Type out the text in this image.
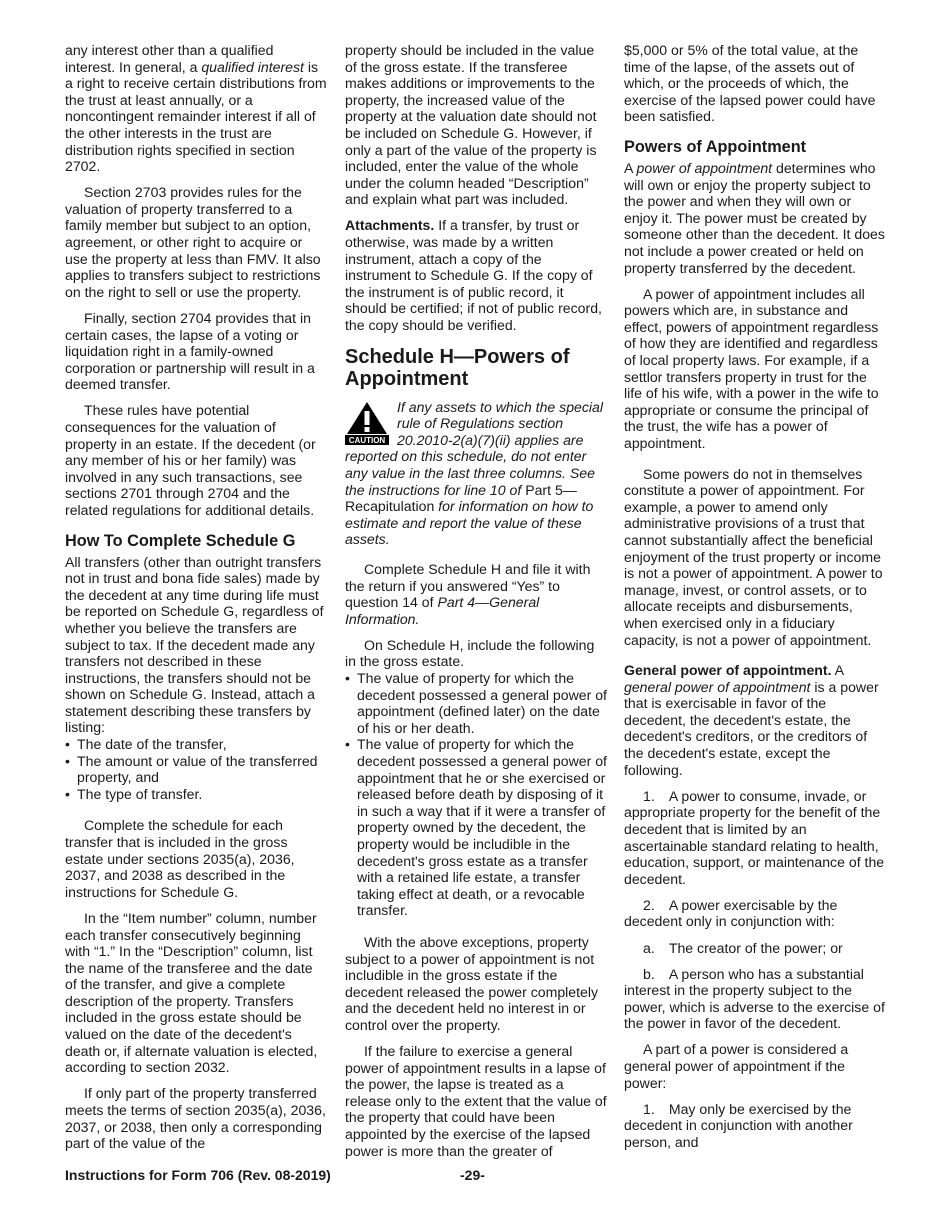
any interest other than a qualified interest. In general, a qualified interest is a right to receive certain distributions from the trust at least annually, or a noncontingent remainder interest if all of the other interests in the trust are distribution rights specified in section 2702.

Section 2703 provides rules for the valuation of property transferred to a family member but subject to an option, agreement, or other right to acquire or use the property at less than FMV. It also applies to transfers subject to restrictions on the right to sell or use the property.

Finally, section 2704 provides that in certain cases, the lapse of a voting or liquidation right in a family-owned corporation or partnership will result in a deemed transfer.

These rules have potential consequences for the valuation of property in an estate. If the decedent (or any member of his or her family) was involved in any such transactions, see sections 2701 through 2704 and the related regulations for additional details.

How To Complete Schedule G

All transfers (other than outright transfers not in trust and bona fide sales) made by the decedent at any time during life must be reported on Schedule G, regardless of whether you believe the transfers are subject to tax. If the decedent made any transfers not described in these instructions, the transfers should not be shown on Schedule G. Instead, attach a statement describing these transfers by listing:

• The date of the transfer,

• The amount or value of the transferred property, and

• The type of transfer.

Complete the schedule for each transfer that is included in the gross estate under sections 2035(a), 2036, 2037, and 2038 as described in the instructions for Schedule G.

In the “Item number” column, number each transfer consecutively beginning with “1.” In the “Description” column, list the name of the transferee and the date of the transfer, and give a complete description of the property. Transfers included in the gross estate should be valued on the date of the decedent's death or, if alternate valuation is elected, according to section 2032.

If only part of the property transferred meets the terms of section 2035(a), 2036, 2037, or 2038, then only a corresponding part of the value of the

property should be included in the value of the gross estate. If the transferee makes additions or improvements to the property, the increased value of the property at the valuation date should not be included on Schedule G. However, if only a part of the value of the property is included, enter the value of the whole under the column headed “Description” and explain what part was included.

Attachments. If a transfer, by trust or otherwise, was made by a written instrument, attach a copy of the instrument to Schedule G. If the copy of the instrument is of public record, it should be certified; if not of public record, the copy should be verified.

Schedule H—Powers of Appointment
CAUTION
If any assets to which the special rule of Regulations section 20.2010-2(a)(7)(ii) applies are reported on this schedule, do not enter any value in the last three columns. See the instructions for line 10 of Part 5—Recapitulation for information on how to estimate and report the value of these assets.

Complete Schedule H and file it with the return if you answered “Yes” to question 14 of Part 4—General Information.

On Schedule H, include the following in the gross estate.

• The value of property for which the decedent possessed a general power of appointment (defined later) on the date of his or her death.

• The value of property for which the decedent possessed a general power of appointment that he or she exercised or released before death by disposing of it in such a way that if it were a transfer of property owned by the decedent, the property would be includible in the decedent's gross estate as a transfer with a retained life estate, a transfer taking effect at death, or a revocable transfer.

With the above exceptions, property subject to a power of appointment is not includible in the gross estate if the decedent released the power completely and the decedent held no interest in or control over the property.

If the failure to exercise a general power of appointment results in a lapse of the power, the lapse is treated as a release only to the extent that the value of the property that could have been appointed by the exercise of the lapsed power is more than the greater of

$5,000 or 5% of the total value, at the time of the lapse, of the assets out of which, or the proceeds of which, the exercise of the lapsed power could have been satisfied.

Powers of Appointment

A power of appointment determines who will own or enjoy the property subject to the power and when they will own or enjoy it. The power must be created by someone other than the decedent. It does not include a power created or held on property transferred by the decedent.

A power of appointment includes all powers which are, in substance and effect, powers of appointment regardless of how they are identified and regardless of local property laws. For example, if a settlor transfers property in trust for the life of his wife, with a power in the wife to appropriate or consume the principal of the trust, the wife has a power of appointment.

Some powers do not in themselves constitute a power of appointment. For example, a power to amend only administrative provisions of a trust that cannot substantially affect the beneficial enjoyment of the trust property or income is not a power of appointment. A power to manage, invest, or control assets, or to allocate receipts and disbursements, when exercised only in a fiduciary capacity, is not a power of appointment.

General power of appointment. A general power of appointment is a power that is exercisable in favor of the decedent, the decedent's estate, the decedent's creditors, or the creditors of the decedent's estate, except the following.

1. A power to consume, invade, or appropriate property for the benefit of the decedent that is limited by an ascertainable standard relating to health, education, support, or maintenance of the decedent.

2. A power exercisable by the decedent only in conjunction with:

a. The creator of the power; or

b. A person who has a substantial interest in the property subject to the power, which is adverse to the exercise of the power in favor of the decedent.

A part of a power is considered a general power of appointment if the power:

1. May only be exercised by the decedent in conjunction with another person, and

Instructions for Form 706 (Rev. 08-2019)	-29-
